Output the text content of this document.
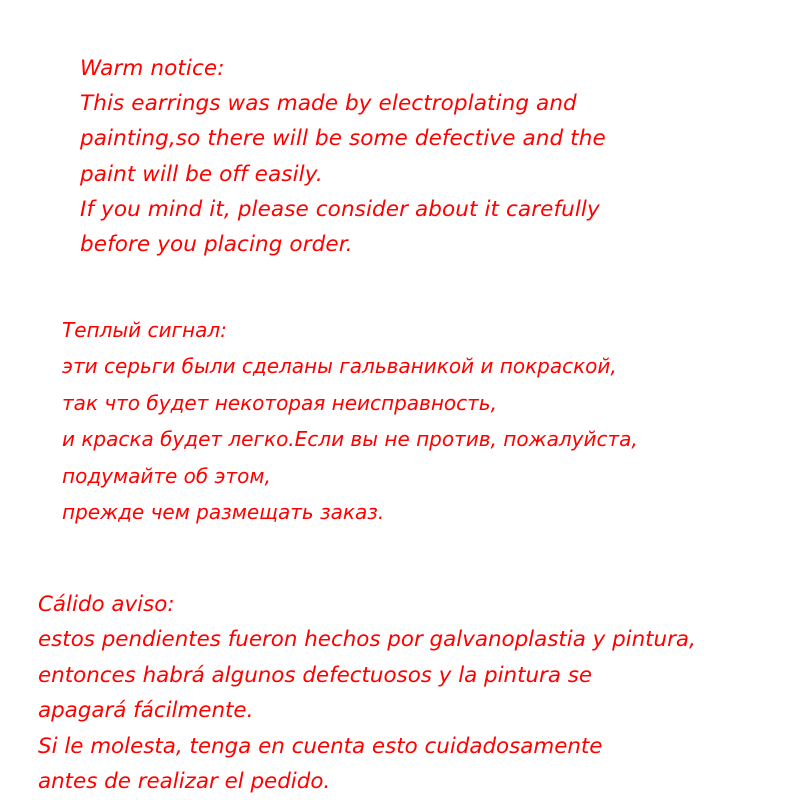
Warm notice:
This earrings was made by electroplating and
painting,so there will be some defective and the
paint will be off easily.
If you mind it, please consider about it carefully
before you placing order.
Теплый сигнал:
эти серьги были сделаны гальваникой и покраской,
так что будет некоторая неисправность,
и краска будет легко.Если вы не против, пожалуйста,
подумайте об этом,
прежде чем размещать заказ.
Cálido aviso:
estos pendientes fueron hechos por galvanoplastia y pintura,
entonces habrá algunos defectuosos y la pintura se
apagará fácilmente.
Si le molesta, tenga en cuenta esto cuidadosamente
antes de realizar el pedido.
